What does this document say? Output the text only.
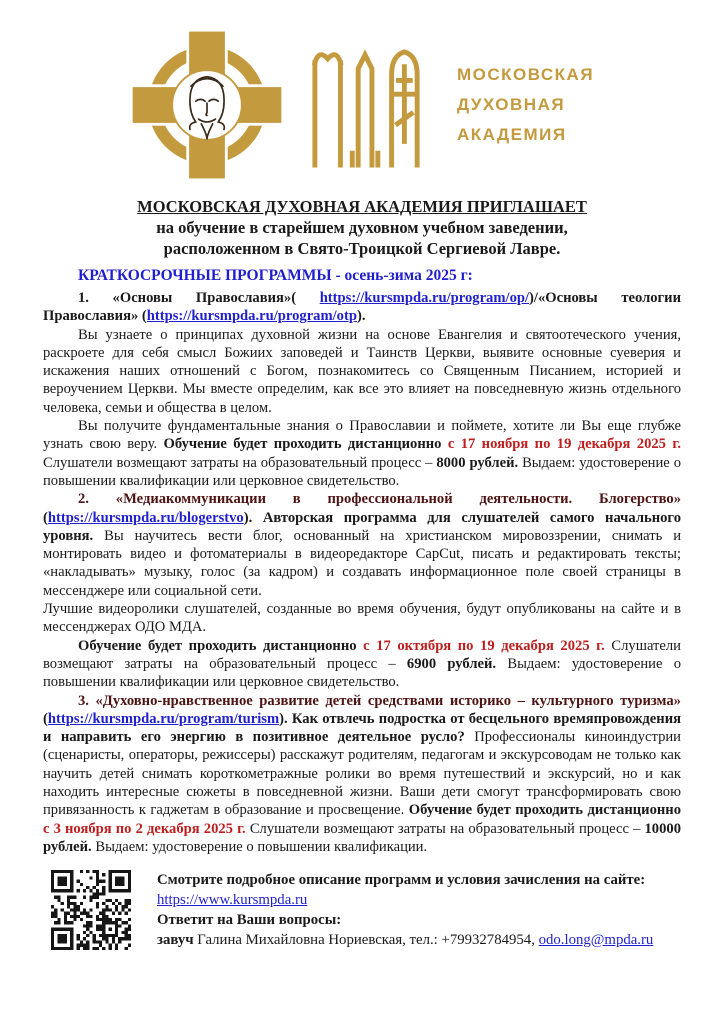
МОСКОВСКАЯ
ДУХОВНАЯ
АКАДЕМИЯ
МОСКОВСКАЯ ДУХОВНАЯ АКАДЕМИЯ ПРИГЛАШАЕТ
на обучение в старейшем духовном учебном заведении,
расположенном в Свято-Троицкой Сергиевой Лавре.
КРАТКОСРОЧНЫЕ ПРОГРАММЫ - осень-зима 2025 г:

1. «Основы Православия»( https://kursmpda.ru/program/op/)/«Основы теологии Православия» (https://kursmpda.ru/program/otp).

Вы узнаете о принципах духовной жизни на основе Евангелия и святоотеческого учения, раскроете для себя смысл Божиих заповедей и Таинств Церкви, выявите основные суеверия и искажения наших отношений с Богом, познакомитесь со Священным Писанием, историей и вероучением Церкви. Мы вместе определим, как все это влияет на повседневную жизнь отдельного человека, семьи и общества в целом.

Вы получите фундаментальные знания о Православии и поймете, хотите ли Вы еще глубже узнать свою веру. Обучение будет проходить дистанционно с 17 ноября по 19 декабря 2025 г. Слушатели возмещают затраты на образовательный процесс – 8000 рублей. Выдаем: удостоверение о повышении квалификации или церковное свидетельство.

2. «Медиакоммуникации в профессиональной деятельности. Блогерство» (https://kursmpda.ru/blogerstvo). Авторская программа для слушателей самого начального уровня. Вы научитесь вести блог, основанный на христианском мировоззрении, снимать и монтировать видео и фотоматериалы в видеоредакторе CapCut, писать и редактировать тексты; «накладывать» музыку, голос (за кадром) и создавать информационное поле своей страницы в мессенджере или социальной сети.

Лучшие видеоролики слушателей, созданные во время обучения, будут опубликованы на сайте и в мессенджерах ОДО МДА.

Обучение будет проходить дистанционно с 17 октября по 19 декабря 2025 г. Слушатели возмещают затраты на образовательный процесс – 6900 рублей. Выдаем: удостоверение о повышении квалификации или церковное свидетельство.

3. «Духовно-нравственное развитие детей средствами историко – культурного туризма» (https://kursmpda.ru/program/turism). Как отвлечь подростка от бесцельного времяпровождения и направить его энергию в позитивное деятельное русло? Профессионалы киноиндустрии (сценаристы, операторы, режиссеры) расскажут родителям, педагогам и экскурсоводам не только как научить детей снимать короткометражные ролики во время путешествий и экскурсий, но и как находить интересные сюжеты в повседневной жизни. Ваши дети смогут трансформировать свою привязанность к гаджетам в образование и просвещение. Обучение будет проходить дистанционно с 3 ноября по 2 декабря 2025 г. Слушатели возмещают затраты на образовательный процесс – 10000 рублей. Выдаем: удостоверение о повышении квалификации.

Смотрите подробное описание программ и условия зачисления на сайте:
https://www.kursmpda.ru
Ответит на Ваши вопросы:
завуч Галина Михайловна Нориевская, тел.: +79932784954, odo.long@mpda.ru
